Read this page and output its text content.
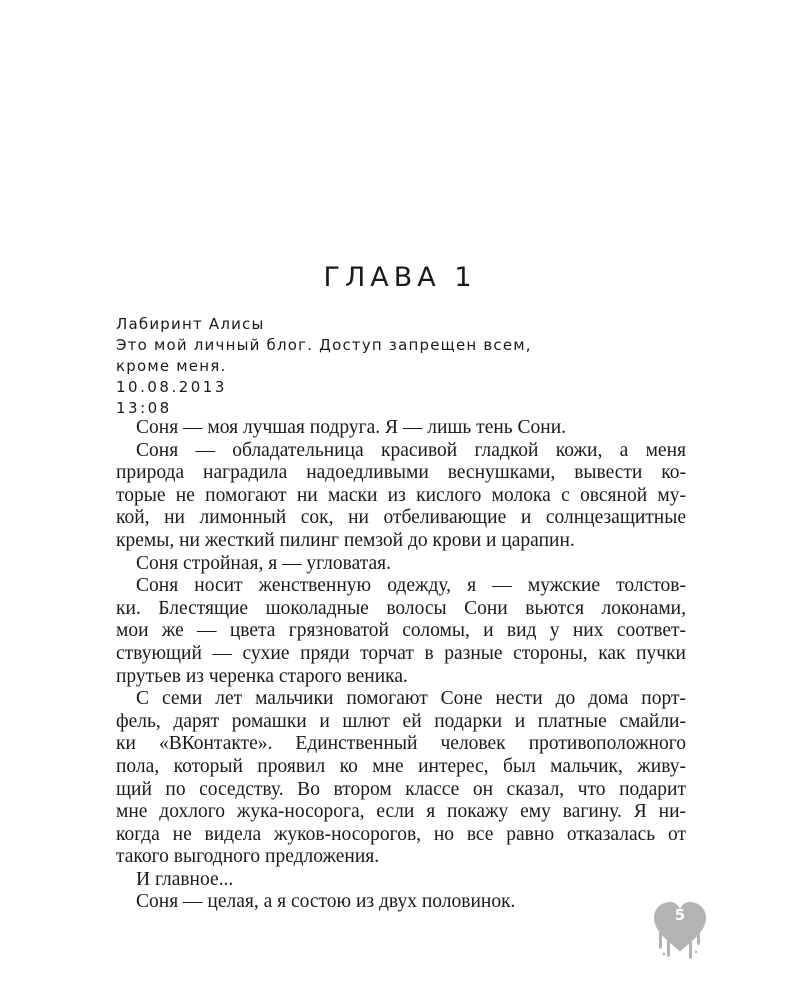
ГЛАВА 1
Лабиринт Алисы
Это мой личный блог. Доступ запрещен всем,
кроме меня.
10.08.2013
13:08
Соня — моя лучшая подруга. Я — лишь тень Сони.
Соня — обладательница красивой гладкой кожи, а меня
природа наградила надоедливыми веснушками, вывести ко-
торые не помогают ни маски из кислого молока с овсяной му-
кой, ни лимонный сок, ни отбеливающие и солнцезащитные
кремы, ни жесткий пилинг пемзой до крови и царапин.
Соня стройная, я — угловатая.
Соня носит женственную одежду, я — мужские толстов-
ки. Блестящие шоколадные волосы Сони вьются локонами,
мои же — цвета грязноватой соломы, и вид у них соответ-
ствующий — сухие пряди торчат в разные стороны, как пучки
прутьев из черенка старого веника.
С семи лет мальчики помогают Соне нести до дома порт-
фель, дарят ромашки и шлют ей подарки и платные смайли-
ки «ВКонтакте». Единственный человек противоположного
пола, который проявил ко мне интерес, был мальчик, живу-
щий по соседству. Во втором классе он сказал, что подарит
мне дохлого жука-носорога, если я покажу ему вагину. Я ни-
когда не видела жуков-носорогов, но все равно отказалась от
такого выгодного предложения.
И главное...
Соня — целая, а я состою из двух половинок.
5
